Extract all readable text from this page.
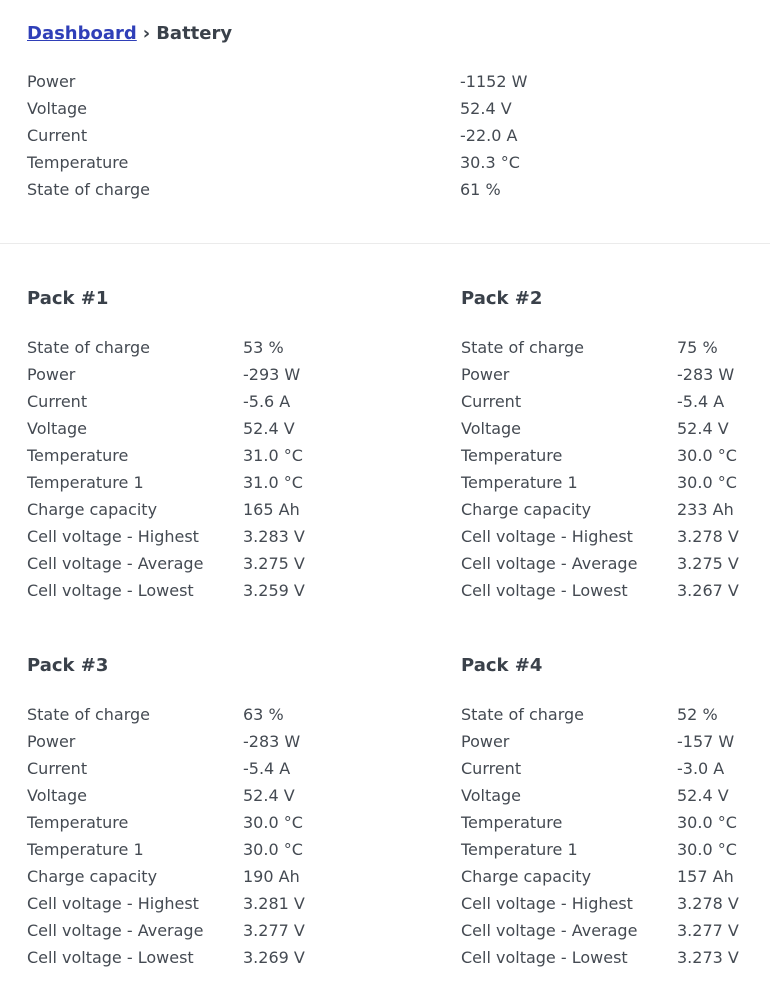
Dashboard › Battery
Power	-1152 W
Voltage	52.4 V
Current	-22.0 A
Temperature	30.3 °C
State of charge	61 %
Pack #1
State of charge	53 %
Power	-293 W
Current	-5.6 A
Voltage	52.4 V
Temperature	31.0 °C
Temperature 1	31.0 °C
Charge capacity	165 Ah
Cell voltage - Highest	3.283 V
Cell voltage - Average 3.275 V
Cell voltage - Lowest	3.259 V
Pack #2
State of charge	75 %
Power	-283 W
Current	-5.4 A
Voltage	52.4 V
Temperature	30.0 °C
Temperature 1	30.0 °C
Charge capacity	233 Ah
Cell voltage - Highest	3.278 V
Cell voltage - Average 3.275 V
Cell voltage - Lowest	3.267 V
Pack #3
State of charge	63 %
Power	-283 W
Current	-5.4 A
Voltage	52.4 V
Temperature	30.0 °C
Temperature 1	30.0 °C
Charge capacity	190 Ah
Cell voltage - Highest	3.281 V
Cell voltage - Average 3.277 V
Cell voltage - Lowest	3.269 V
Pack #4
State of charge	52 %
Power	-157 W
Current	-3.0 A
Voltage	52.4 V
Temperature	30.0 °C
Temperature 1	30.0 °C
Charge capacity	157 Ah
Cell voltage - Highest	3.278 V
Cell voltage - Average 3.277 V
Cell voltage - Lowest	3.273 V
